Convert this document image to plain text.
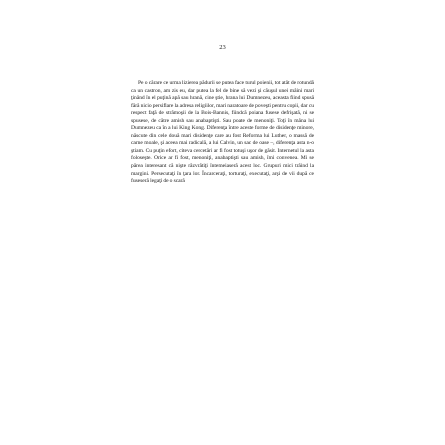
23

Pe o cărare ce urma lizierea pădurii se putea face turul poienii, tot atât de rotundă ca un castron, am zis eu, dar putea la fel de bine să vezi şi căuşul unei mâini mari ţinând în el puţină apă sau hrană, cine ştie, hrana lui Dumnezeu, aceasta fiind spusă fără nicio persiflare la adresa religiilor, mari naratoare de poveşti pentru copii, dar cu respect faţă de strămoşii de la Bois-Bannis, fiindcă poiana fusese defrişată, ni se spusese, de către amish sau anabaptişti. Sau poate de menoniţi. Toţi în mâna lui Dumnezeu ca în a lui King Kong. Diferenţa între aceste forme de disidenţe minore, născute din cele două mari disidenţe care au fost Reforma lui Luther, o massă de carne moale, şi aceea mai radicală, a lui Calvin, un sac de oase –, diferenţa asta n-o ştiam. Cu puţin efort, citeva cercetări ar fi fost totuşi uşor de găsit. Internetul la asta foloseşte. Orice ar fi fost, menoniţi, anabaptişti sau amish, îmi convenea. Mi se părea interesant că nişte răzvrătiţi întemeiaseră acest loc. Grupuri mici trăind la margini. Persecutaţi în ţara lor. Încarceraţi, torturaţi, executaţi, arşi de vii după ce fuseseră legaţi de o scară
